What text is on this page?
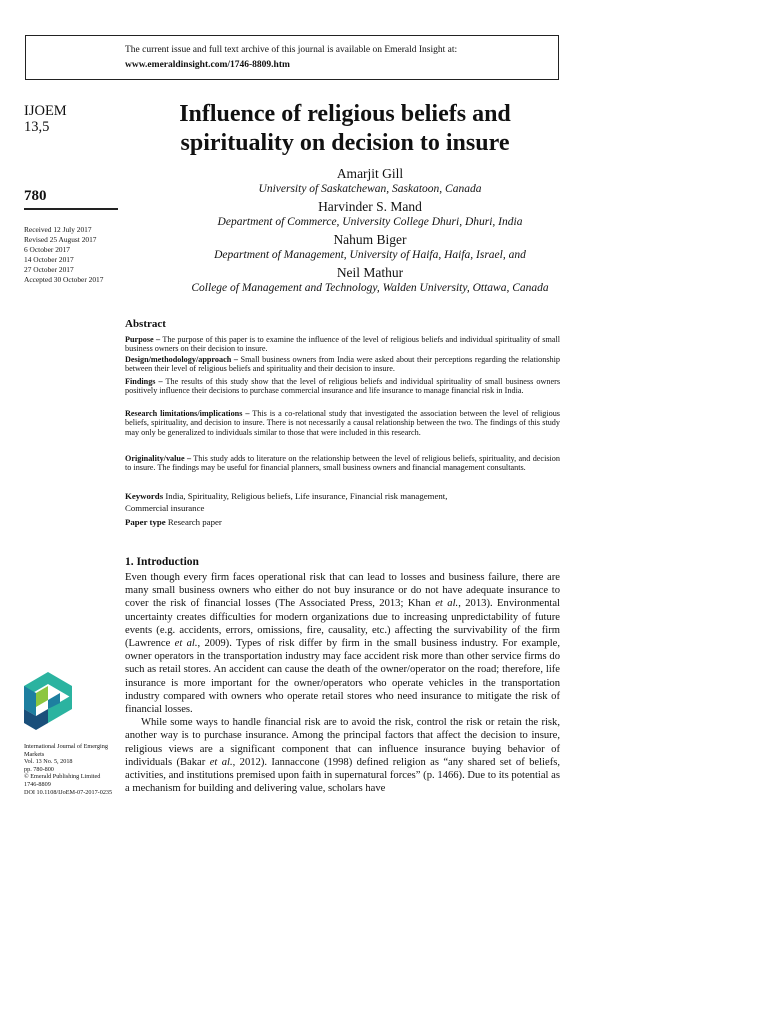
The current issue and full text archive of this journal is available on Emerald Insight at:
www.emeraldinsight.com/1746-8809.htm
IJOEM
13,5
780
Received 12 July 2017
Revised 25 August 2017
6 October 2017
14 October 2017
27 October 2017
Accepted 30 October 2017
Influence of religious beliefs and
spirituality on decision to insure
Amarjit Gill
University of Saskatchewan, Saskatoon, Canada
Harvinder S. Mand
Department of Commerce, University College Dhuri, Dhuri, India
Nahum Biger
Department of Management, University of Haifa, Haifa, Israel, and
Neil Mathur
College of Management and Technology, Walden University, Ottawa, Canada
Abstract
Purpose – The purpose of this paper is to examine the influence of the level of religious beliefs and individual spirituality of small business owners on their decision to insure.
Design/methodology/approach – Small business owners from India were asked about their perceptions regarding the relationship between their level of religious beliefs and spirituality and their decision to insure.
Findings – The results of this study show that the level of religious beliefs and individual spirituality of small business owners positively influence their decisions to purchase commercial insurance and life insurance to manage financial risk in India.
Research limitations/implications – This is a co-relational study that investigated the association between the level of religious beliefs, spirituality, and decision to insure. There is not necessarily a causal relationship between the two. The findings of this study may only be generalized to individuals similar to those that were included in this research.
Originality/value – This study adds to literature on the relationship between the level of religious beliefs, spirituality, and decision to insure. The findings may be useful for financial planners, small business owners and financial management consultants.
Keywords India, Spirituality, Religious beliefs, Life insurance, Financial risk management,
Commercial insurance
Paper type Research paper
1. Introduction

Even though every firm faces operational risk that can lead to losses and business failure, there are many small business owners who either do not buy insurance or do not have adequate insurance to cover the risk of financial losses (The Associated Press, 2013; Khan et al., 2013). Environmental uncertainty creates difficulties for modern organizations due to increasing unpredictability of future events (e.g. accidents, errors, omissions, fire, causality, etc.) affecting the survivability of the firm (Lawrence et al., 2009). Types of risk differ by firm in the small business industry. For example, owner operators in the transportation industry may face accident risk more than other service firms do such as retail stores. An accident can cause the death of the owner/operator on the road; therefore, life insurance is more important for the owner/operators who operate vehicles in the transportation industry compared with owners who operate retail stores who need insurance to mitigate the risk of financial losses.

While some ways to handle financial risk are to avoid the risk, control the risk or retain the risk, another way is to purchase insurance. Among the principal factors that affect the decision to insure, religious views are a significant component that can influence insurance buying behavior of individuals (Bakar et al., 2012). Iannaccone (1998) defined religion as “any shared set of beliefs, activities, and institutions premised upon faith in supernatural forces” (p. 1466). Due to its potential as a mechanism for building and delivering value, scholars have

International Journal of Emerging
Markets
Vol. 13 No. 5, 2018
pp. 780-800
© Emerald Publishing Limited
1746-8809
DOI 10.1108/IJoEM-07-2017-0235
